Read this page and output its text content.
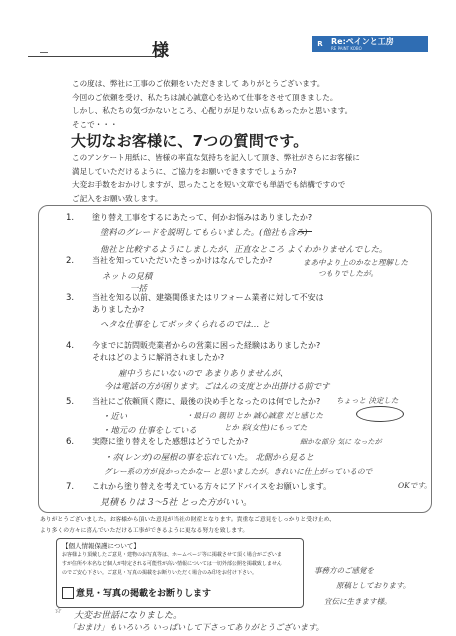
様	R	Re:ペインと工房
RE PAINT KOBO
この度は、弊社に工事のご依頼をいただきまして ありがとうございます。
今回のご依頼を受け、私たちは誠心誠意心を込めて仕事をさせて頂きました。
しかし、私たちの気づかないところ、心配りが足りない点もあったかと思います。
そこで・・・
大切なお客様に、7つの質問です。
このアンケート用紙に、皆様の率直な気持ちを記入して頂き、弊社がさらにお客様に
満足していただけるように、ご協力をお願いできますでしょうか?
大変お手数をおかけしますが、思ったことを短い文章でも単語でも結構ですので
ご記入をお願い致します。
1. 塗り替え工事をするにあたって、何かお悩みはありましたか?
塗料のグレードを説明してもらいました。(他社も含み)
他社と比較するようにしましたが、正直なところ よくわかりませんでした。
まあ中より上のかなと理解した
つもりでしたが。
2. 当社を知っていただいたきっかけはなんでしたか?
ネットの見積
一括
3. 当社を知る以前、建築関係またはリフォーム業者に対して不安は
ありましたか?
へタな仕事をしてボッタくられるのでは… と
4. 今までに訪問販売業者からの営業に困った経験はありましたか?
それはどのように解消されましたか?
雇中うちにいないので あまりありませんが、
今は電話の方が困ります。ごはんの支度とか出掛ける前です
5. 当社にご依頼頂く際に、最後の決め手となったのは何でしたか? ちょっと 決定した
・近い	・最日の 親切 とか 誠心誠意 だと感じた
・地元の 仕事をしている	とか 彩(女性)にもってた
6. 実際に塗り替えをした感想はどうでしたか?	細かな部分 気に なったが
・赤(レンガ)の屋根の事を忘れていた。 北側から見ると
グレー系の方が良かったかなー と思いましたが。きれいに仕上がっているので
OKです。
7. これから塗り替えを考えている方々にアドバイスをお願いします。
見積もりは 3〜5社 とった方がいい。
ありがとうございました。お客様から頂いた意見が当社の財産となります。貴重なご意見をしっかりと受け止め、
より多くの方々に喜んでいただける工事ができるように更なる努力を致します。
【個人情報保護について】
お客様より頂戴したご意見・建物のお写真等は、ホームページ等に掲載させて頂く場合がございま
すが住所や本名など個人が特定される可能性が高い情報については一切外部公開を掲載致しません
のでご安心下さい。ご意見・写真の掲載をお断りいただく場合のみ印をお付け下さい。
意見・写真の掲載をお断りします
事務方のご感覚を
原稿としております。
宜伝に生きます様。
☆
大変お世話になりました。
「おまけ」もいろいろ いっぱいして下さってありがとうございます。
